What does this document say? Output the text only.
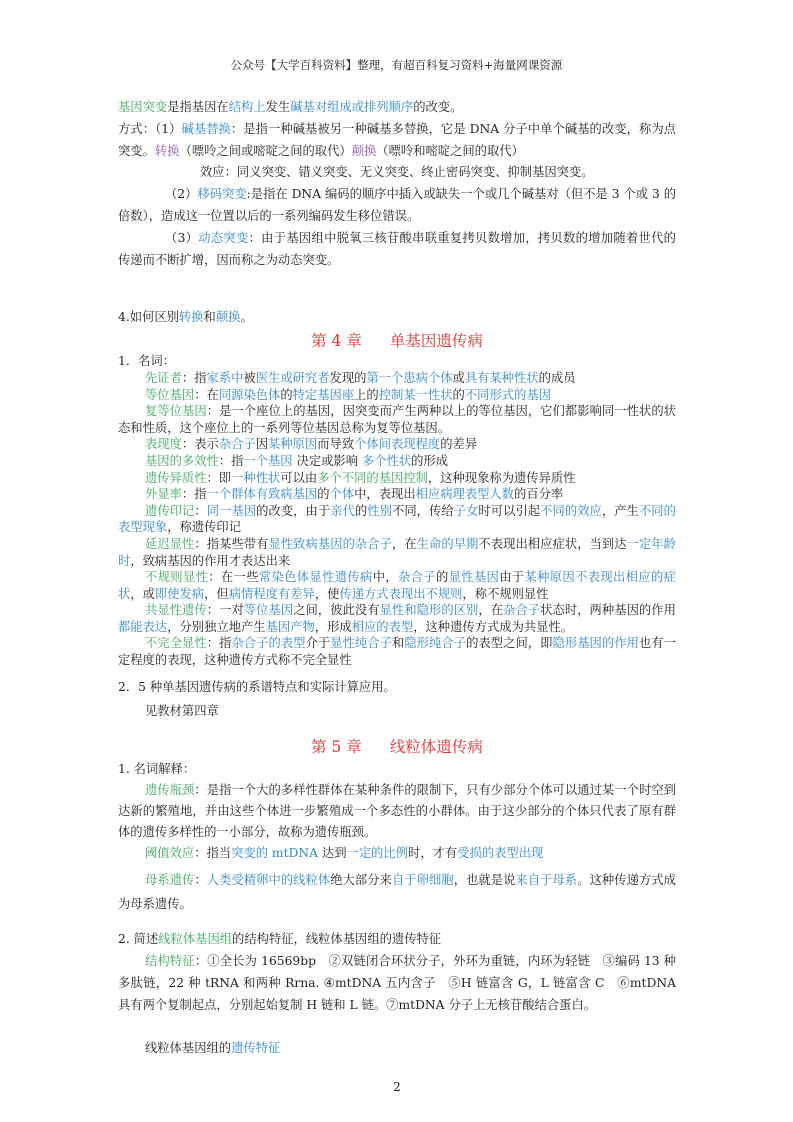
公众号【大学百科资料】整理，有超百科复习资料+海量网课资源

基因突变是指基因在结构上发生碱基对组成或排列顺序的改变。

方式：（1）碱基替换：是指一种碱基被另一种碱基多替换，它是 DNA 分子中单个碱基的改变，称为点突变。转换（嘌呤之间或嘧啶之间的取代）颠换（嘌呤和嘧啶之间的取代）

效应：同义突变、错义突变、无义突变、终止密码突变、抑制基因突变。

（2）移码突变:是指在 DNA 编码的顺序中插入或缺失一个或几个碱基对（但不是 3 个或 3 的倍数），造成这一位置以后的一系列编码发生移位错误。

（3）动态突变：由于基因组中脱氧三核苷酸串联重复拷贝数增加，拷贝数的增加随着世代的传递而不断扩增，因而称之为动态突变。

4.如何区别转换和颠换。
第 4 章 单基因遗传病

1．名词：

先证者：指家系中被医生或研究者发现的第一个患病个体或具有某种性状的成员

等位基因：在同源染色体的特定基因座上的控制某一性状的不同形式的基因

复等位基因：是一个座位上的基因，因突变而产生两种以上的等位基因，它们都影响同一性状的状态和性质，这个座位上的一系列等位基因总称为复等位基因。

表现度：表示杂合子因某种原因而导致个体间表现程度的差异

基因的多效性：指一个基因 决定或影响 多个性状的形成

遗传异质性：即一种性状可以由多个不同的基因控制，这种现象称为遗传异质性

外显率：指一个群体有致病基因的个体中，表现出相应病理表型人数的百分率

遗传印记：同一基因的改变，由于亲代的性别不同，传给子女时可以引起不同的效应，产生不同的表型现象，称遗传印记

延迟显性：指某些带有显性致病基因的杂合子，在生命的早期不表现出相应症状，当到达一定年龄时，致病基因的作用才表达出来

不规则显性：在一些常染色体显性遗传病中，杂合子的显性基因由于某种原因不表现出相应的症状，或即使发病，但病情程度有差异，使传递方式表现出不规则，称不规则显性

共显性遗传：一对等位基因之间，彼此没有显性和隐形的区别，在杂合子状态时，两种基因的作用都能表达，分别独立地产生基因产物，形成相应的表型，这种遗传方式成为共显性。

不完全显性：指杂合子的表型介于显性纯合子和隐形纯合子的表型之间，即隐形基因的作用也有一定程度的表现，这种遗传方式称不完全显性

2．5 种单基因遗传病的系谱特点和实际计算应用。

见教材第四章

第 5 章 线粒体遗传病

1. 名词解释：

遗传瓶颈：是指一个大的多样性群体在某种条件的限制下，只有少部分个体可以通过某一个时空到达新的繁殖地，并由这些个体进一步繁殖成一个多态性的小群体。由于这少部分的个体只代表了原有群体的遗传多样性的一小部分，故称为遗传瓶颈。

阈值效应：指当突变的 mtDNA 达到一定的比例时，才有受损的表型出现

母系遗传：人类受精卵中的线粒体绝大部分来自于卵细胞，也就是说来自于母系。这种传递方式成为母系遗传。

2. 简述线粒体基因组的结构特征，线粒体基因组的遗传特征

结构特征：①全长为 16569bp　②双链闭合环状分子，外环为重链，内环为轻链　③编码 13 种多肽链，22 种 tRNA 和两种 Rrna. ④mtDNA 五内含子　⑤H 链富含 G，L 链富含 C　⑥mtDNA 具有两个复制起点，分别起始复制 H 链和 L 链。⑦mtDNA 分子上无核苷酸结合蛋白。

线粒体基因组的遗传特征
2
